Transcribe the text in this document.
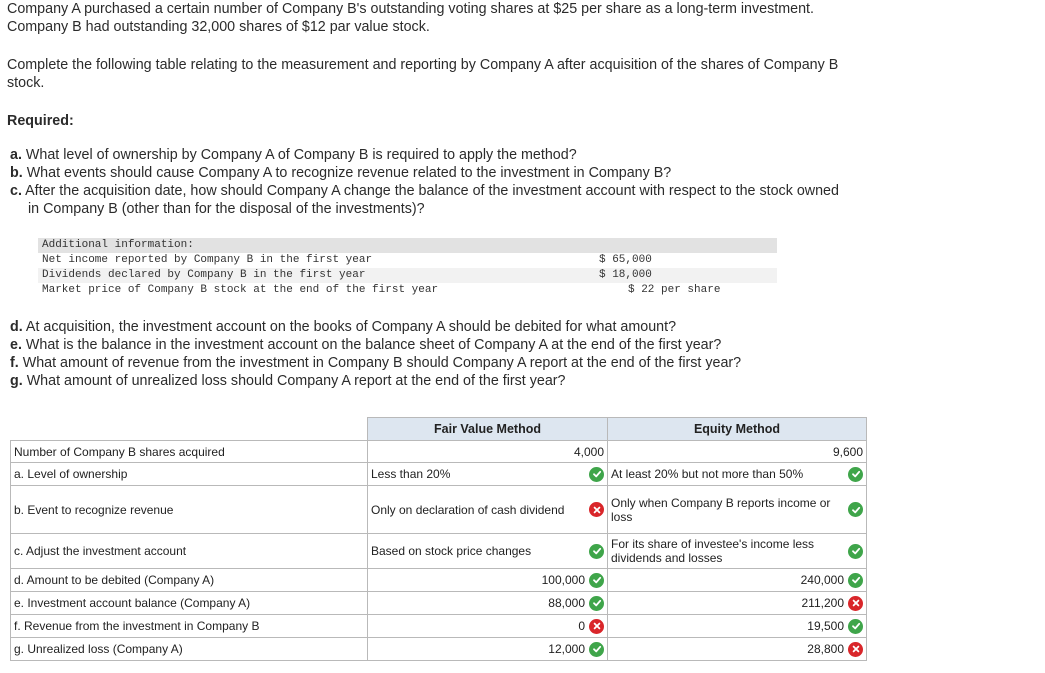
Company A purchased a certain number of Company B's outstanding voting shares at $25 per share as a long-term investment.
Company B had outstanding 32,000 shares of $12 par value stock.
Complete the following table relating to the measurement and reporting by Company A after acquisition of the shares of Company B
stock.
Required:
a. What level of ownership by Company A of Company B is required to apply the method?
b. What events should cause Company A to recognize revenue related to the investment in Company B?
c. After the acquisition date, how should Company A change the balance of the investment account with respect to the stock owned
in Company B (other than for the disposal of the investments)?
Additional information:
Net income reported by Company B in the first year	$ 65,000
Dividends declared by Company B in the first year	$ 18,000
Market price of Company B stock at the end of the first year	$ 22 per share
d. At acquisition, the investment account on the books of Company A should be debited for what amount?
e. What is the balance in the investment account on the balance sheet of Company A at the end of the first year?
f. What amount of revenue from the investment in Company B should Company A report at the end of the first year?
g. What amount of unrealized loss should Company A report at the end of the first year?
	Fair Value Method	Equity Method
Number of Company B shares acquired	4,000	9,600

a. Level of ownership	Less than 20%	At least 20% but not more than 50%

b. Event to recognize revenue	Only on declaration of cash dividend	Only when Company B reports income or loss

c. Adjust the investment account	Based on stock price changes	For its share of investee's income less dividends and losses

d. Amount to be debited (Company A)	100,000	240,000

e. Investment account balance (Company A)	88,000	211,200

f. Revenue from the investment in Company B	0	19,500

g. Unrealized loss (Company A)	12,000	28,800
